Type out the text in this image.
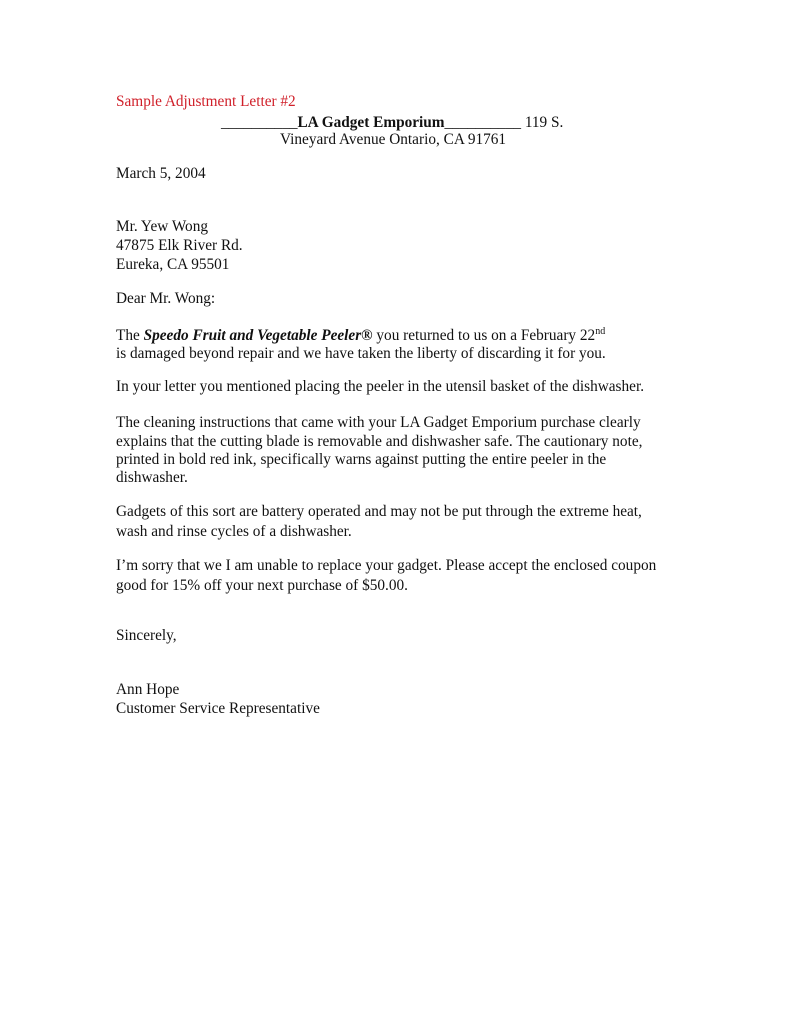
Sample Adjustment Letter #2
__________LA Gadget Emporium__________ 119 S.
Vineyard Avenue Ontario, CA 91761
March 5, 2004
Mr. Yew Wong
47875 Elk River Rd.
Eureka, CA 95501
Dear Mr. Wong:
The Speedo Fruit and Vegetable Peeler® you returned to us on a February 22nd
is damaged beyond repair and we have taken the liberty of discarding it for you.
In your letter you mentioned placing the peeler in the utensil basket of the dishwasher.
The cleaning instructions that came with your LA Gadget Emporium purchase clearly
explains that the cutting blade is removable and dishwasher safe. The cautionary note,
printed in bold red ink, specifically warns against putting the entire peeler in the
dishwasher.
Gadgets of this sort are battery operated and may not be put through the extreme heat,
wash and rinse cycles of a dishwasher.
I’m sorry that we I am unable to replace your gadget. Please accept the enclosed coupon
good for 15% off your next purchase of $50.00.
Sincerely,
Ann Hope
Customer Service Representative
